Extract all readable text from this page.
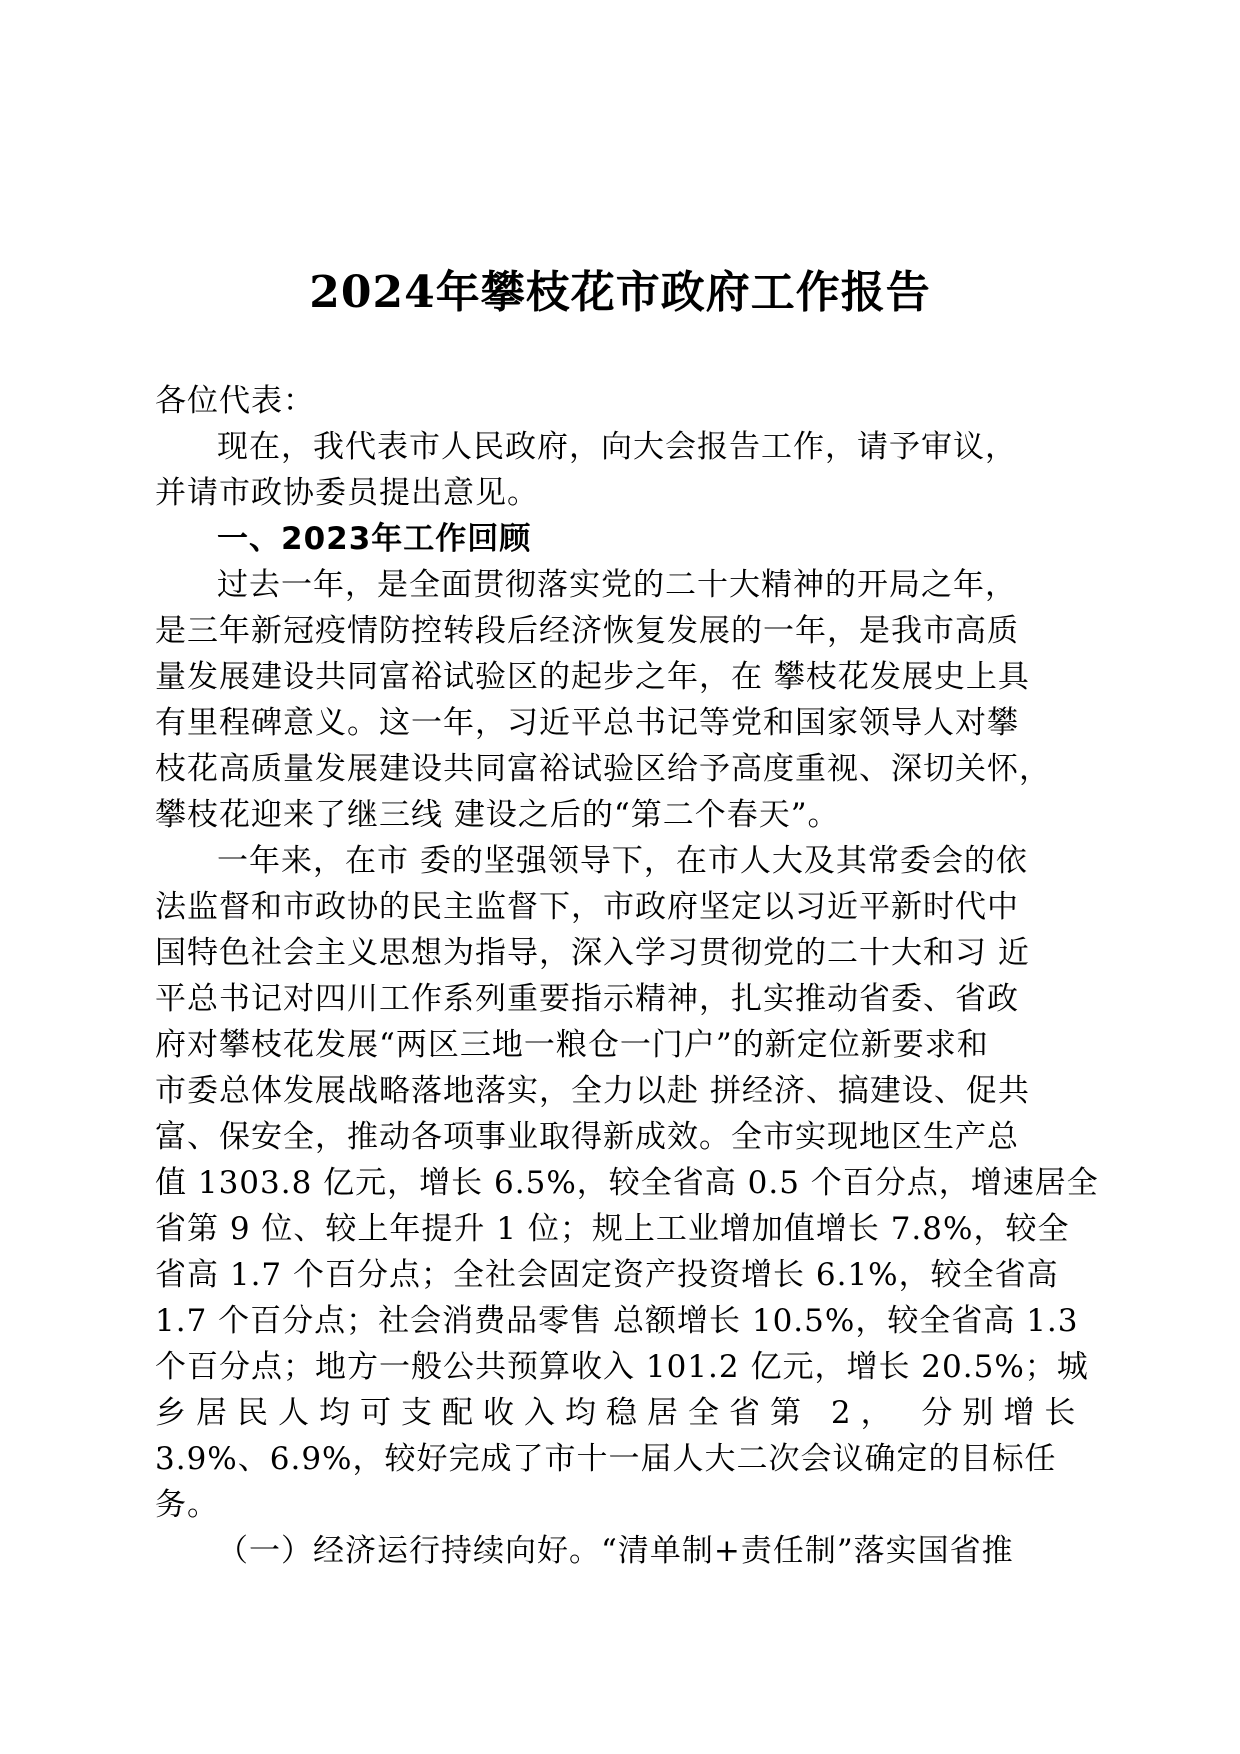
2024年攀枝花市政府工作报告
各位代表：
现在，我代表市人民政府，向大会报告工作，请予审议，
并请市政协委员提出意见。
一、2023年工作回顾
过去一年，是全面贯彻落实党的二十大精神的开局之年，
是三年新冠疫情防控转段后经济恢复发展的一年，是我市高质
量发展建设共同富裕试验区的起步之年，在 攀枝花发展史上具
有里程碑意义。这一年，习近平总书记等党和国家领导人对攀
枝花高质量发展建设共同富裕试验区给予高度重视、深切关怀，
攀枝花迎来了继三线 建设之后的“第二个春天”。
一年来，在市 委的坚强领导下，在市人大及其常委会的依
法监督和市政协的民主监督下，市政府坚定以习近平新时代中
国特色社会主义思想为指导，深入学习贯彻党的二十大和习 近
平总书记对四川工作系列重要指示精神，扎实推动省委、省政
府对攀枝花发展“两区三地一粮仓一门户”的新定位新要求和
市委总体发展战略落地落实，全力以赴 拼经济、搞建设、促共
富、保安全，推动各项事业取得新成效。全市实现地区生产总
值 1303.8 亿元，增长 6.5%，较全省高 0.5 个百分点，增速居全
省第 9 位、较上年提升 1 位；规上工业增加值增长 7.8%，较全
省高 1.7 个百分点；全社会固定资产投资增长 6.1%，较全省高
1.7 个百分点；社会消费品零售 总额增长 10.5%，较全省高 1.3
个百分点；地方一般公共预算收入 101.2 亿元，增长 20.5%；城
乡居民人均可支配收入均稳居全省第 2， 分别增长
3.9%、6.9%，较好完成了市十一届人大二次会议确定的目标任
务。
（一）经济运行持续向好。“清单制+责任制”落实国省推
